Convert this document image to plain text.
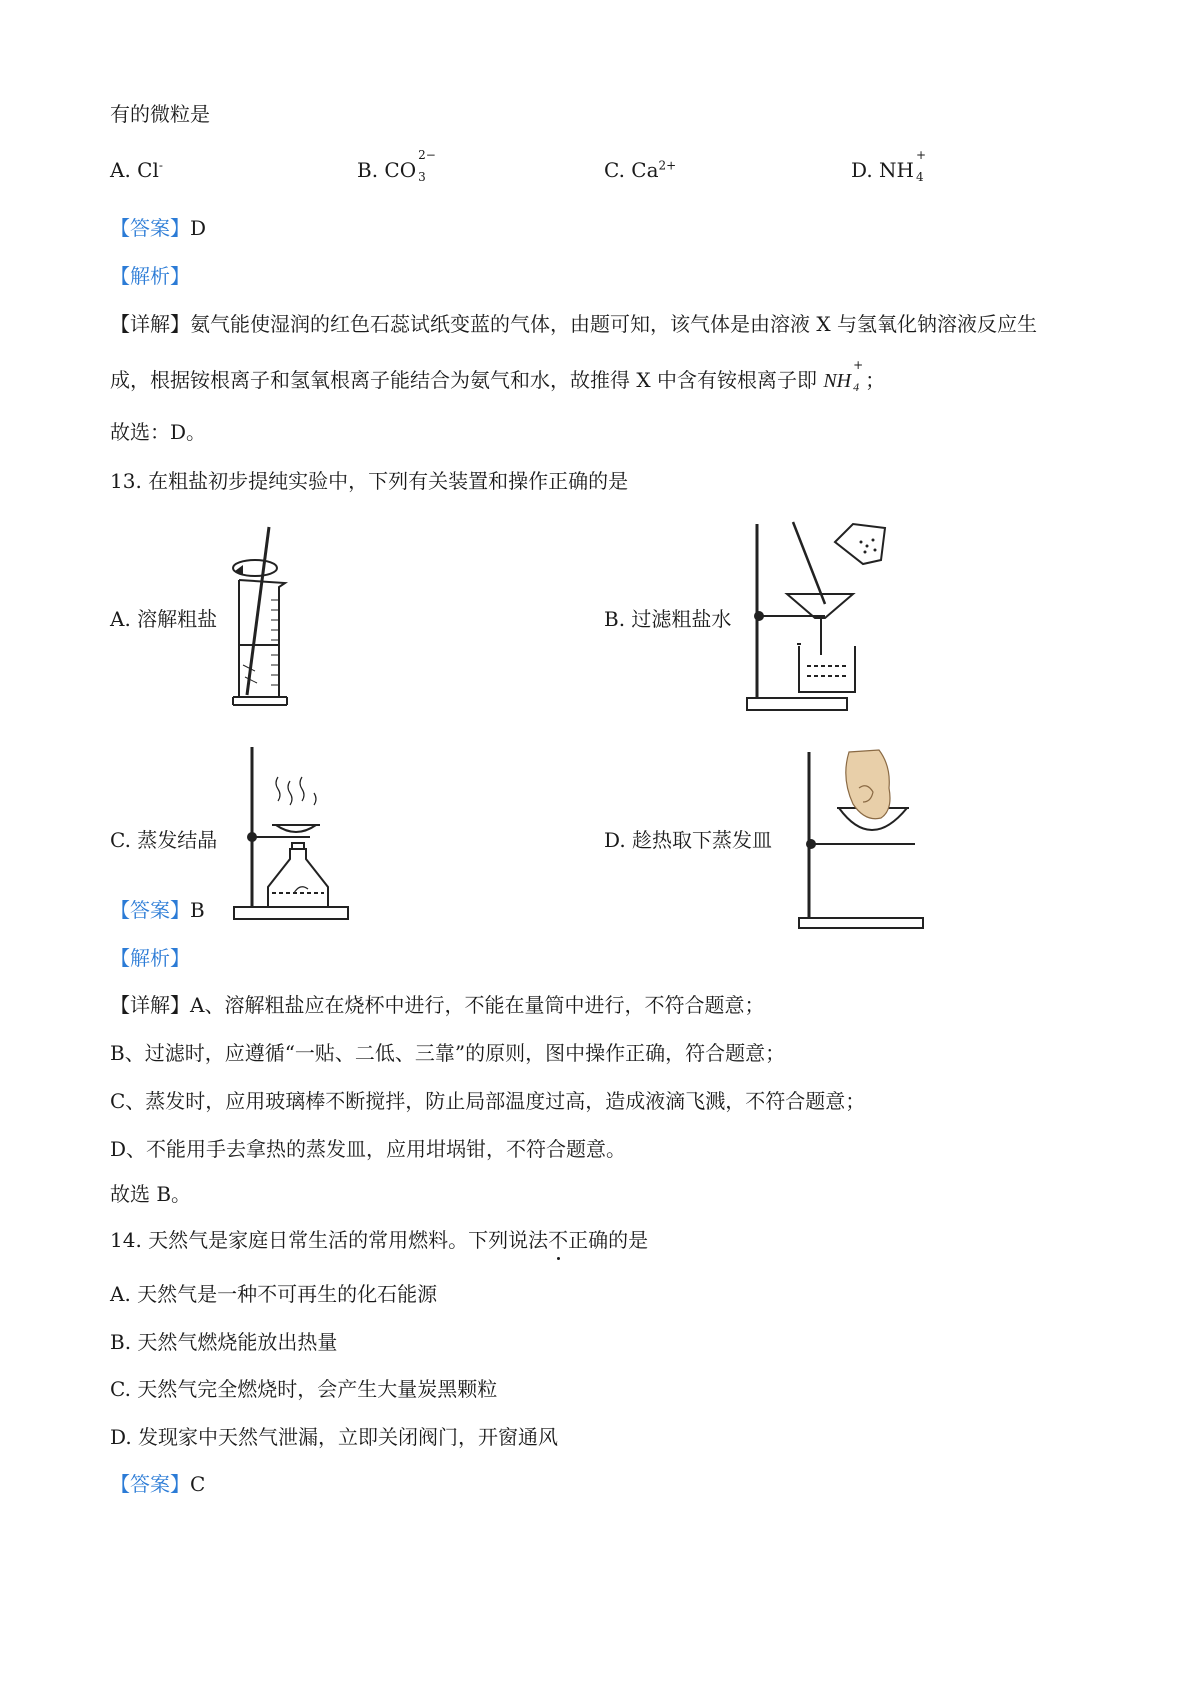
有的微粒是
A. Cl-	B. CO
2−
3	C. $Ca^{2+}$	D. NH
+
4
【答案】D
【解析】
【详解】氨气能使湿润的红色石蕊试纸变蓝的气体，由题可知，该气体是由溶液 X 与氢氧化钠溶液反应生
成，根据铵根离子和氢氧根离子能结合为氨气和水，故推得 X 中含有铵根离子即 NH
+
4 ；
故选：D。
13. 在粗盐初步提纯实验中，下列有关装置和操作正确的是
A. 溶解粗盐	B. 过滤粗盐水
C. 蒸发结晶	D. 趁热取下蒸发皿
【答案】B
【解析】
【详解】A、溶解粗盐应在烧杯中进行，不能在量筒中进行，不符合题意；
B、过滤时，应遵循“一贴、二低、三靠”的原则，图中操作正确，符合题意；
C、蒸发时，应用玻璃棒不断搅拌，防止局部温度过高，造成液滴飞溅，不符合题意；
D、不能用手去拿热的蒸发皿，应用坩埚钳，不符合题意。
故选 B。
14. 天然气是家庭日常生活的常用燃料。下列说法不正确的是
A. 天然气是一种不可再生的化石能源
B. 天然气燃烧能放出热量
C. 天然气完全燃烧时，会产生大量炭黑颗粒
D. 发现家中天然气泄漏，立即关闭阀门，开窗通风
【答案】C
